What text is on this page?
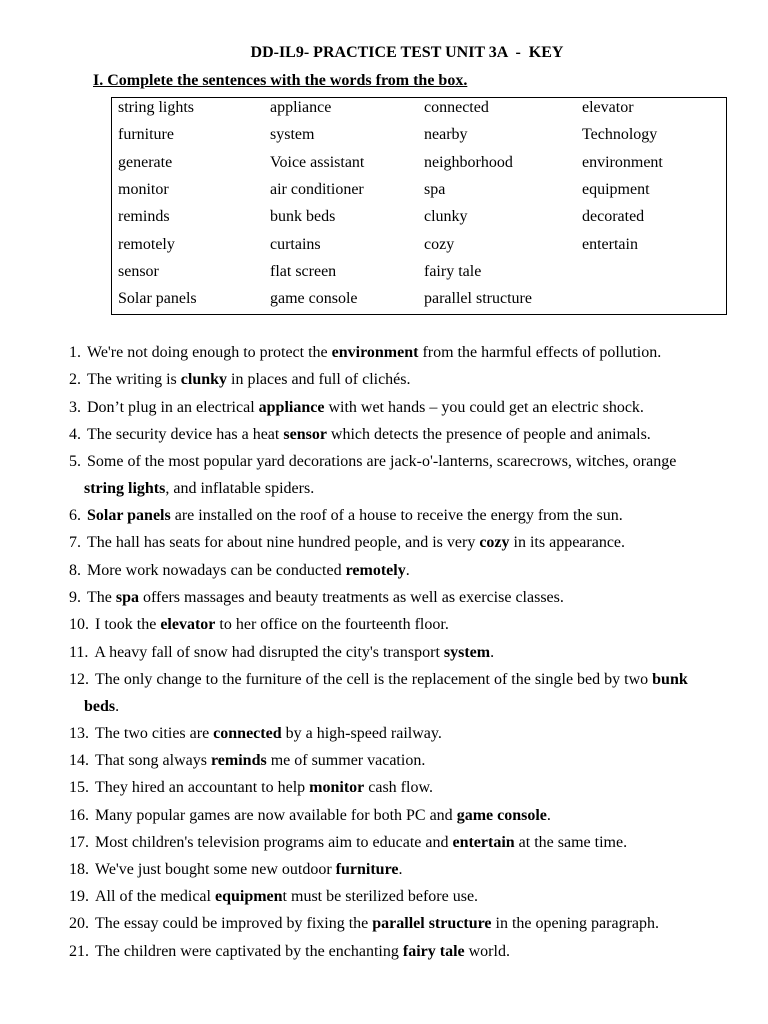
DD-IL9- PRACTICE TEST UNIT 3A  -  KEY
I. Complete the sentences with the words from the box.
string lights
furniture
generate
monitor
reminds
remotely
sensor
Solar panels
appliance
system
Voice assistant
air conditioner
bunk beds
curtains
flat screen
game console
connected
nearby
neighborhood
spa
clunky
cozy
fairy tale
parallel structure
elevator
Technology
environment
equipment
decorated
entertain
1. We're not doing enough to protect the environment from the harmful effects of pollution.
2. The writing is clunky in places and full of clichés.
3. Don’t plug in an electrical appliance with wet hands – you could get an electric shock.
4. The security device has a heat sensor which detects the presence of people and animals.
5. Some of the most popular yard decorations are jack-o'-lanterns, scarecrows, witches, orange
string lights, and inflatable spiders.
6. Solar panels are installed on the roof of a house to receive the energy from the sun.
7. The hall has seats for about nine hundred people, and is very cozy in its appearance.
8. More work nowadays can be conducted remotely.
9. The spa offers massages and beauty treatments as well as exercise classes.
10. I took the elevator to her office on the fourteenth floor.
11. A heavy fall of snow had disrupted the city's transport system.
12. The only change to the furniture of the cell is the replacement of the single bed by two bunk
beds.
13. The two cities are connected by a high-speed railway.
14. That song always reminds me of summer vacation.
15. They hired an accountant to help monitor cash flow.
16. Many popular games are now available for both PC and game console.
17. Most children's television programs aim to educate and entertain at the same time.
18. We've just bought some new outdoor furniture.
19. All of the medical equipment must be sterilized before use.
20. The essay could be improved by fixing the parallel structure in the opening paragraph.
21. The children were captivated by the enchanting fairy tale world.
